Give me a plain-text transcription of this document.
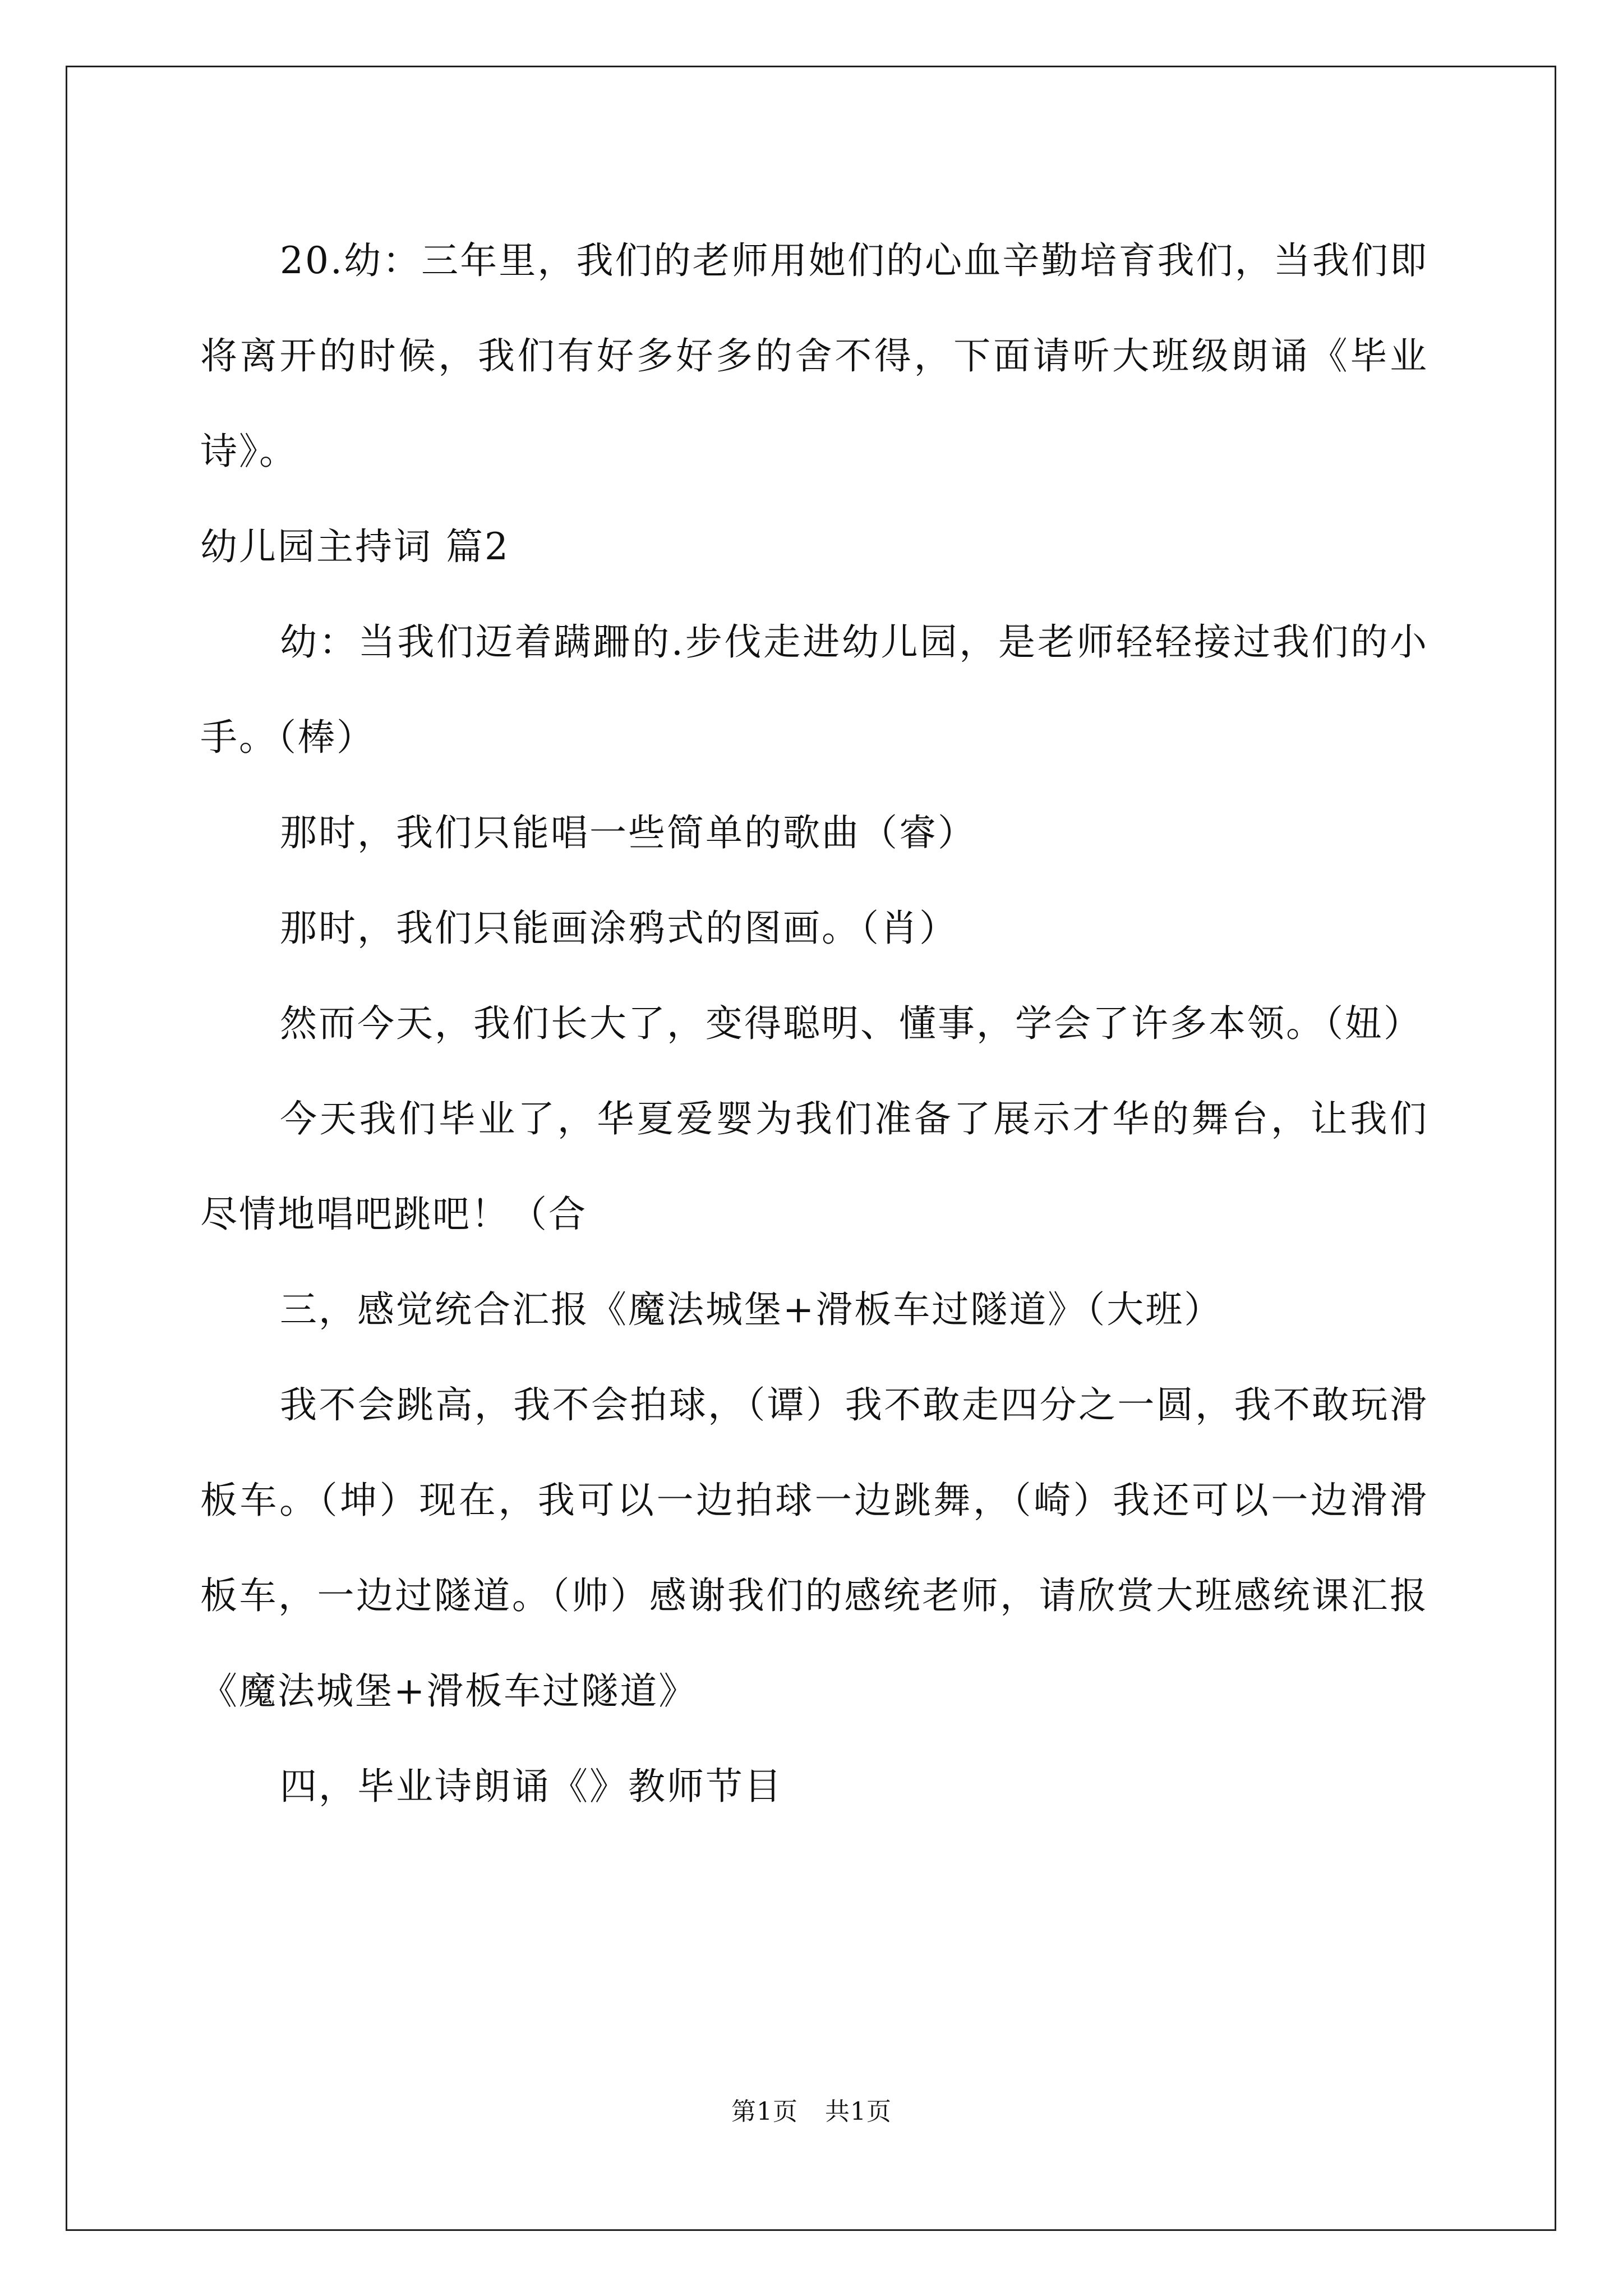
20.幼：三年里，我们的老师用她们的心血辛勤培育我们，当我们即将离开的时候，我们有好多好多的舍不得，下面请听大班级朗诵《毕业诗》。

幼儿园主持词 篇2

幼：当我们迈着蹒跚的.步伐走进幼儿园，是老师轻轻接过我们的小手。（棒）

那时，我们只能唱一些简单的歌曲（睿）

那时，我们只能画涂鸦式的图画。（肖）

然而今天，我们长大了，变得聪明、懂事，学会了许多本领。（妞）

今天我们毕业了，华夏爱婴为我们准备了展示才华的舞台，让我们尽情地唱吧跳吧！（合

三，感觉统合汇报《魔法城堡+滑板车过隧道》（大班）

我不会跳高，我不会拍球，（谭）我不敢走四分之一圆，我不敢玩滑板车。（坤）现在，我可以一边拍球一边跳舞，（崎）我还可以一边滑滑板车，一边过隧道。（帅）感谢我们的感统老师，请欣赏大班感统课汇报《魔法城堡+滑板车过隧道》

四，毕业诗朗诵《》教师节目

第1页 共1页
